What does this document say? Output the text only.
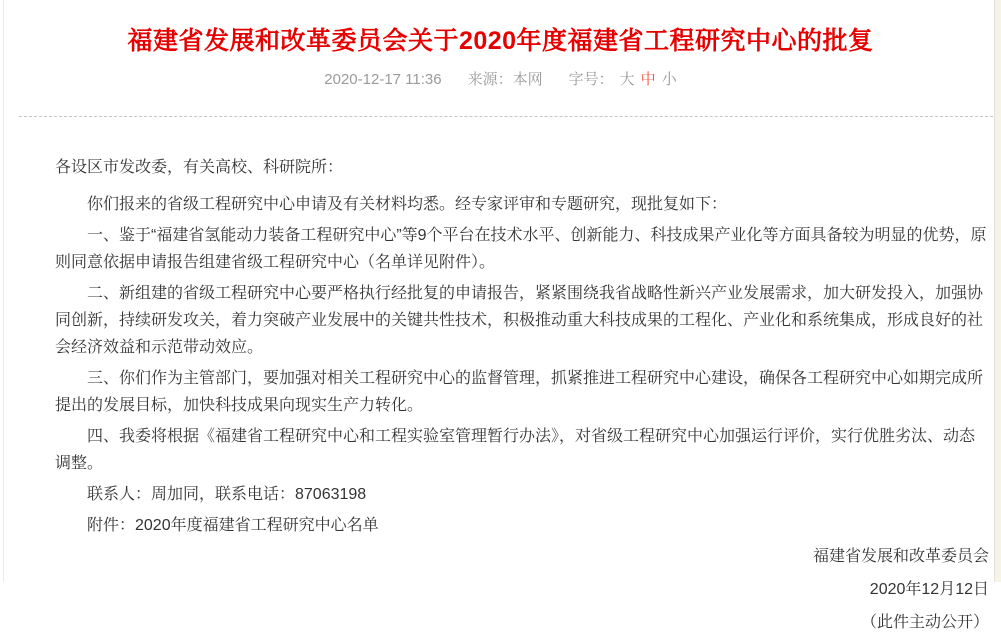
福建省发展和改革委员会关于2020年度福建省工程研究中心的批复
2020-12-17 11:36 来源： 本网 字号： 大 中 小

各设区市发改委，有关高校、科研院所：

你们报来的省级工程研究中心申请及有关材料均悉。经专家评审和专题研究，现批复如下：

一、鉴于“福建省氢能动力装备工程研究中心”等9个平台在技术水平、创新能力、科技成果产业化等方面具备较为明显的优势，原则同意依据申请报告组建省级工程研究中心（名单详见附件）。

二、新组建的省级工程研究中心要严格执行经批复的申请报告，紧紧围绕我省战略性新兴产业发展需求，加大研发投入，加强协同创新，持续研发攻关，着力突破产业发展中的关键共性技术，积极推动重大科技成果的工程化、产业化和系统集成，形成良好的社会经济效益和示范带动效应。

三、你们作为主管部门，要加强对相关工程研究中心的监督管理，抓紧推进工程研究中心建设，确保各工程研究中心如期完成所提出的发展目标，加快科技成果向现实生产力转化。

四、我委将根据《福建省工程研究中心和工程实验室管理暂行办法》，对省级工程研究中心加强运行评价，实行优胜劣汰、动态调整。

联系人：周加同，联系电话：87063198

附件：2020年度福建省工程研究中心名单

福建省发展和改革委员会

2020年12月12日

（此件主动公开）
